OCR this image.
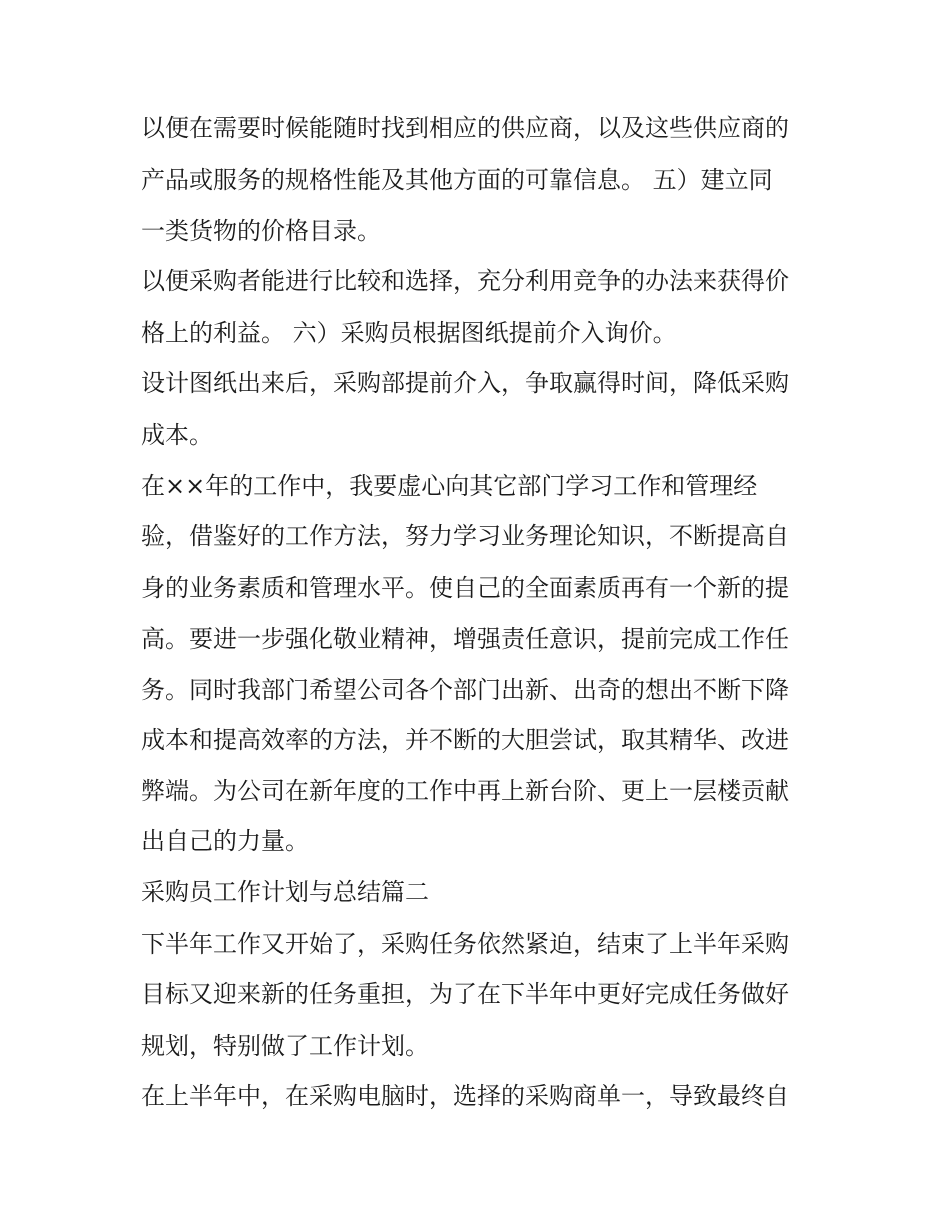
以便在需要时候能随时找到相应的供应商，以及这些供应商的

产品或服务的规格性能及其他方面的可靠信息。 五）建立同

一类货物的价格目录。

以便采购者能进行比较和选择，充分利用竞争的办法来获得价

格上的利益。 六）采购员根据图纸提前介入询价。

设计图纸出来后，采购部提前介入，争取赢得时间，降低采购

成本。

在××年的工作中，我要虚心向其它部门学习工作和管理经

验，借鉴好的工作方法，努力学习业务理论知识，不断提高自

身的业务素质和管理水平。使自己的全面素质再有一个新的提

高。要进一步强化敬业精神，增强责任意识，提前完成工作任

务。同时我部门希望公司各个部门出新、出奇的想出不断下降

成本和提高效率的方法，并不断的大胆尝试，取其精华、改进

弊端。为公司在新年度的工作中再上新台阶、更上一层楼贡献

出自己的力量。

采购员工作计划与总结篇二

下半年工作又开始了，采购任务依然紧迫，结束了上半年采购

目标又迎来新的任务重担，为了在下半年中更好完成任务做好

规划，特别做了工作计划。

在上半年中，在采购电脑时，选择的采购商单一，导致最终自
